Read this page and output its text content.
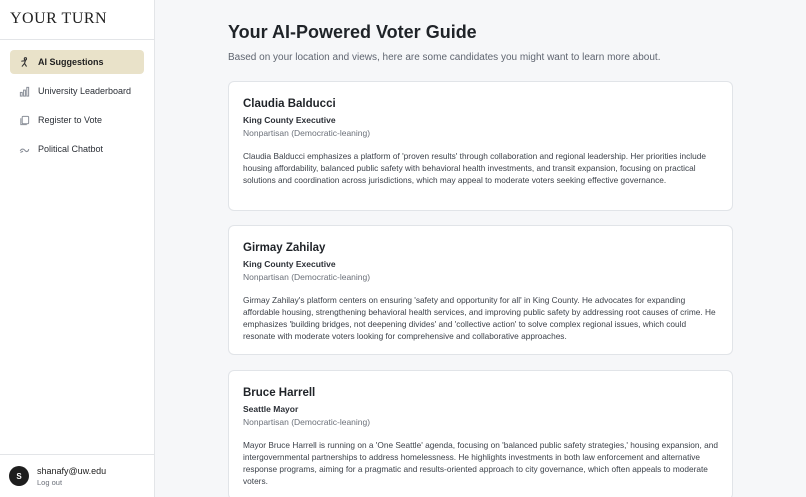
YOUR TURN
AI Suggestions
University Leaderboard
Register to Vote
Political Chatbot
S
shanafy@uw.edu
Log out
Your AI-Powered Voter Guide
Based on your location and views, here are some candidates you might want to learn more about.
Claudia Balducci
King County Executive
Nonpartisan (Democratic-leaning)
Claudia Balducci emphasizes a platform of 'proven results' through collaboration and regional leadership. Her priorities include housing affordability, balanced public safety with behavioral health investments, and transit expansion, focusing on practical solutions and coordination across jurisdictions, which may appeal to moderate voters seeking effective governance.
Girmay Zahilay
King County Executive
Nonpartisan (Democratic-leaning)
Girmay Zahilay's platform centers on ensuring 'safety and opportunity for all' in King County. He advocates for expanding affordable housing, strengthening behavioral health services, and improving public safety by addressing root causes of crime. He emphasizes 'building bridges, not deepening divides' and 'collective action' to solve complex regional issues, which could resonate with moderate voters looking for comprehensive and collaborative approaches.
Bruce Harrell
Seattle Mayor
Nonpartisan (Democratic-leaning)
Mayor Bruce Harrell is running on a 'One Seattle' agenda, focusing on 'balanced public safety strategies,' housing expansion, and intergovernmental partnerships to address homelessness. He highlights investments in both law enforcement and alternative response programs, aiming for a pragmatic and results-oriented approach to city governance, which often appeals to moderate voters.
